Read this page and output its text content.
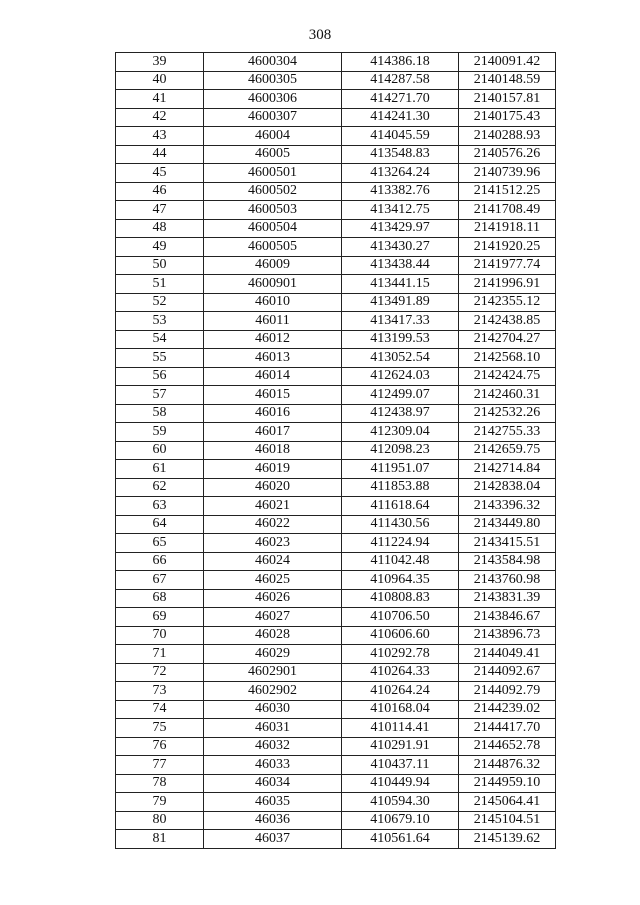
308
39	4600304	414386.18	2140091.42
40	4600305	414287.58	2140148.59
41	4600306	414271.70	2140157.81
42	4600307	414241.30	2140175.43
43	46004	414045.59	2140288.93
44	46005	413548.83	2140576.26
45	4600501	413264.24	2140739.96
46	4600502	413382.76	2141512.25
47	4600503	413412.75	2141708.49
48	4600504	413429.97	2141918.11
49	4600505	413430.27	2141920.25
50	46009	413438.44	2141977.74
51	4600901	413441.15	2141996.91
52	46010	413491.89	2142355.12
53	46011	413417.33	2142438.85
54	46012	413199.53	2142704.27
55	46013	413052.54	2142568.10
56	46014	412624.03	2142424.75
57	46015	412499.07	2142460.31
58	46016	412438.97	2142532.26
59	46017	412309.04	2142755.33
60	46018	412098.23	2142659.75
61	46019	411951.07	2142714.84
62	46020	411853.88	2142838.04
63	46021	411618.64	2143396.32
64	46022	411430.56	2143449.80
65	46023	411224.94	2143415.51
66	46024	411042.48	2143584.98
67	46025	410964.35	2143760.98
68	46026	410808.83	2143831.39
69	46027	410706.50	2143846.67
70	46028	410606.60	2143896.73
71	46029	410292.78	2144049.41
72	4602901	410264.33	2144092.67
73	4602902	410264.24	2144092.79
74	46030	410168.04	2144239.02
75	46031	410114.41	2144417.70
76	46032	410291.91	2144652.78
77	46033	410437.11	2144876.32
78	46034	410449.94	2144959.10
79	46035	410594.30	2145064.41
80	46036	410679.10	2145104.51
81	46037	410561.64	2145139.62
